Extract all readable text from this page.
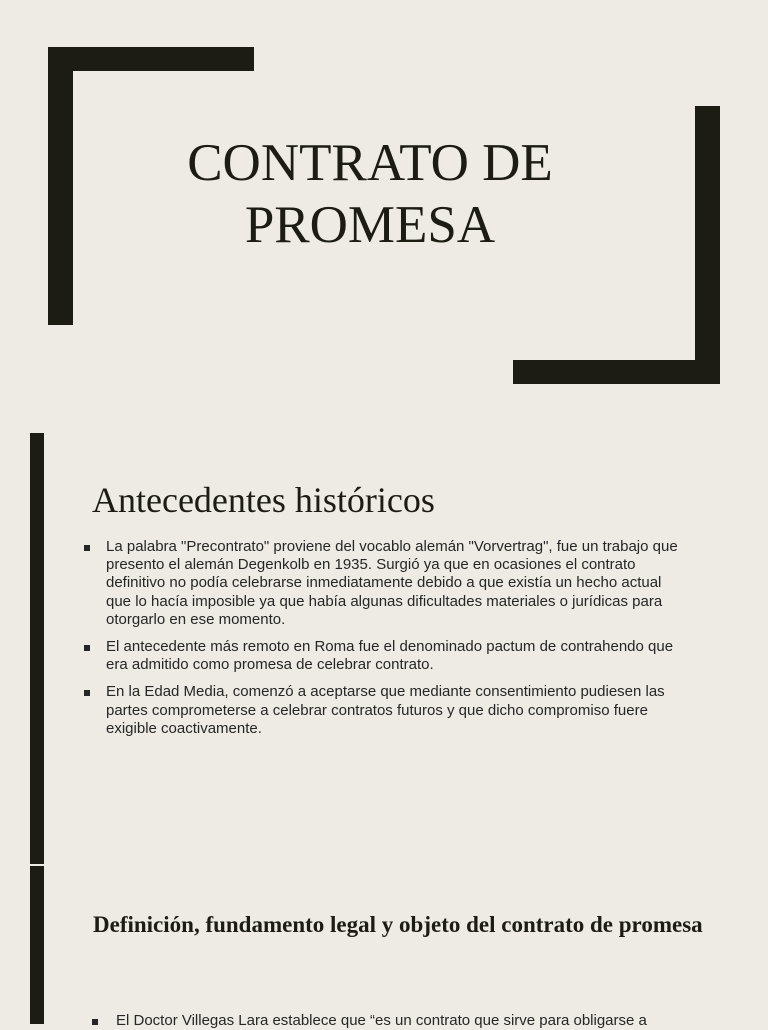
CONTRATO DE
PROMESA
Antecedentes históricos
La palabra "Precontrato" proviene del vocablo alemán "Vorvertrag", fue un trabajo que presento el alemán Degenkolb en 1935. Surgió ya que en ocasiones el contrato definitivo no podía celebrarse inmediatamente debido a que existía un hecho actual que lo hacía imposible ya que había algunas dificultades materiales o jurídicas para otorgarlo en ese momento.
El antecedente más remoto en Roma fue el denominado pactum de contrahendo que era admitido como promesa de celebrar contrato.
En la Edad Media, comenzó a aceptarse que mediante consentimiento pudiesen las partes comprometerse a celebrar contratos futuros y que dicho compromiso fuere exigible coactivamente.
Definición, fundamento legal y objeto del contrato de promesa
El Doctor Villegas Lara establece que “es un contrato que sirve para obligarse a
